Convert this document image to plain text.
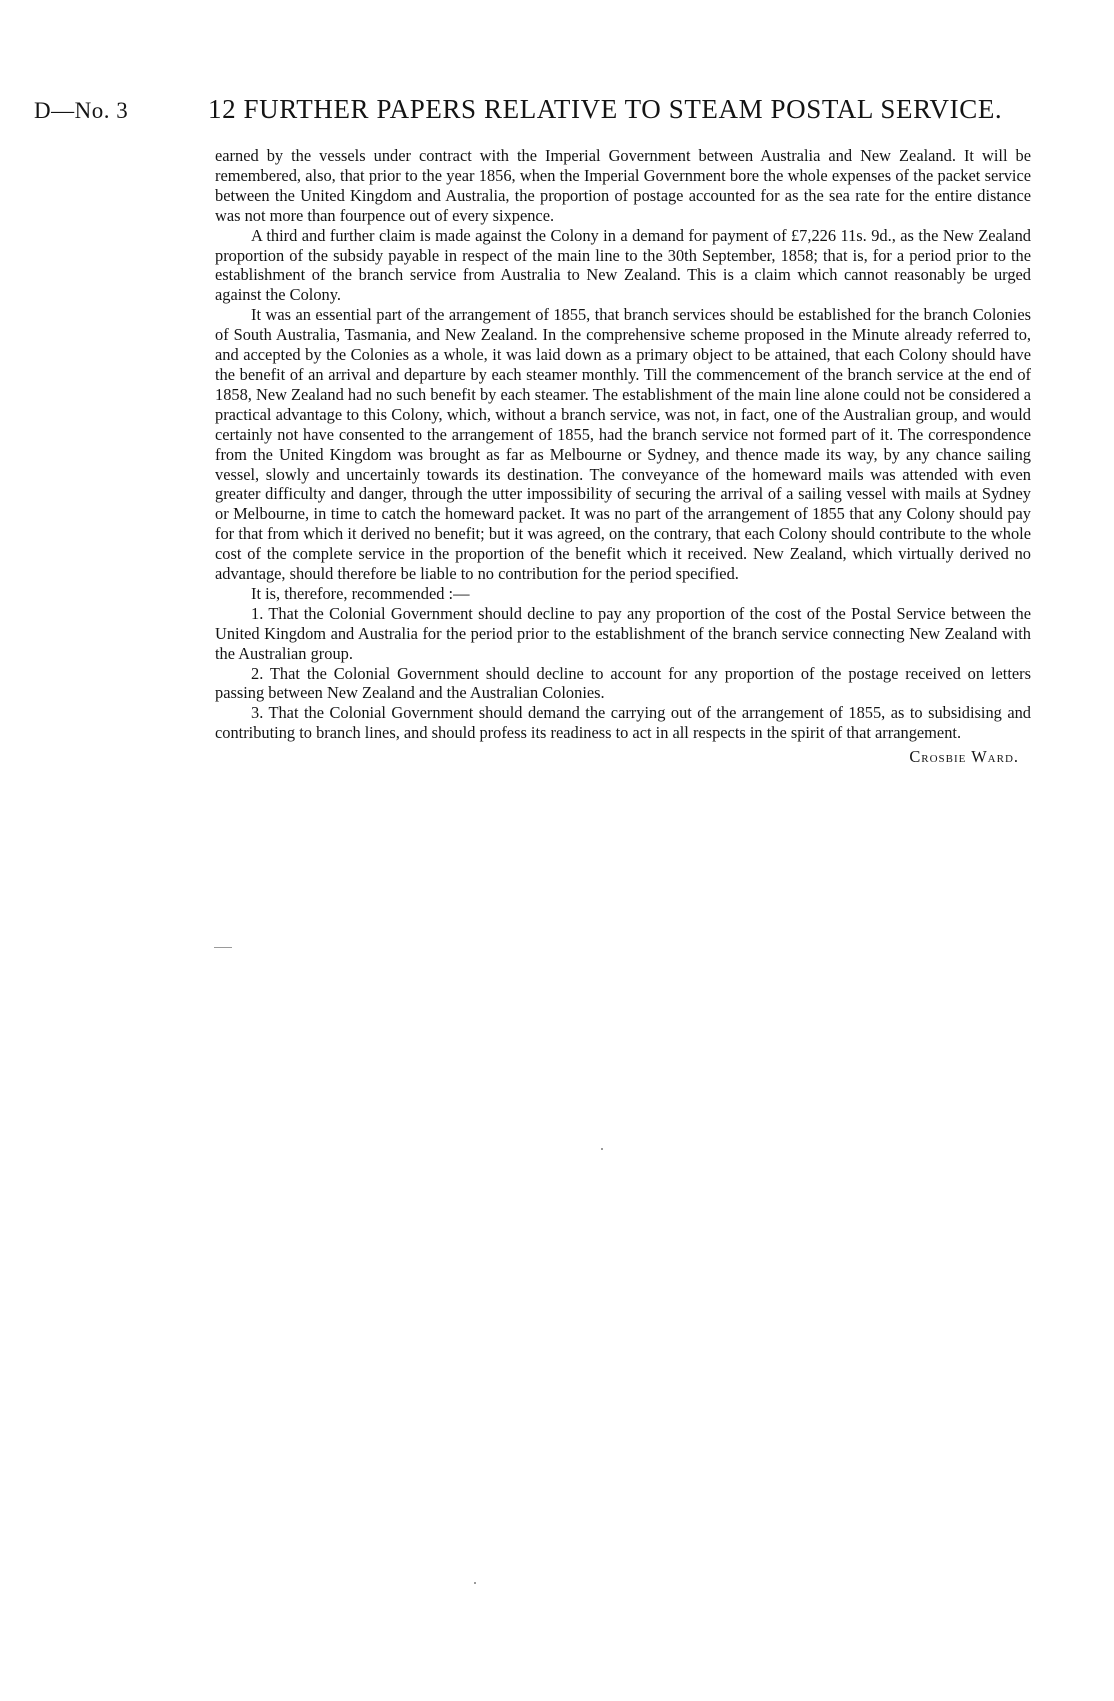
D—No. 3	12 FURTHER PAPERS RELATIVE TO STEAM POSTAL SERVICE.

earned by the vessels under contract with the Imperial Government between Australia and New Zealand. It will be remembered, also, that prior to the year 1856, when the Imperial Government bore the whole expenses of the packet service between the United Kingdom and Australia, the proportion of postage accounted for as the sea rate for the entire distance was not more than fourpence out of every sixpence.

A third and further claim is made against the Colony in a demand for payment of £7,226 11s. 9d., as the New Zealand proportion of the subsidy payable in respect of the main line to the 30th September, 1858; that is, for a period prior to the establishment of the branch service from Australia to New Zealand. This is a claim which cannot reasonably be urged against the Colony.

It was an essential part of the arrangement of 1855, that branch services should be established for the branch Colonies of South Australia, Tasmania, and New Zealand. In the comprehensive scheme proposed in the Minute already referred to, and accepted by the Colonies as a whole, it was laid down as a primary object to be attained, that each Colony should have the benefit of an arrival and departure by each steamer monthly. Till the commencement of the branch service at the end of 1858, New Zealand had no such benefit by each steamer. The establishment of the main line alone could not be considered a practical advantage to this Colony, which, without a branch service, was not, in fact, one of the Australian group, and would certainly not have consented to the arrangement of 1855, had the branch service not formed part of it. The correspondence from the United Kingdom was brought as far as Melbourne or Sydney, and thence made its way, by any chance sailing vessel, slowly and uncertainly towards its destination. The conveyance of the homeward mails was attended with even greater difficulty and danger, through the utter impossibility of securing the arrival of a sailing vessel with mails at Sydney or Melbourne, in time to catch the homeward packet. It was no part of the arrangement of 1855 that any Colony should pay for that from which it derived no benefit; but it was agreed, on the contrary, that each Colony should contribute to the whole cost of the complete service in the proportion of the benefit which it received. New Zealand, which virtually derived no advantage, should therefore be liable to no contribution for the period specified.

It is, therefore, recommended :—

1. That the Colonial Government should decline to pay any proportion of the cost of the Postal Service between the United Kingdom and Australia for the period prior to the establishment of the branch service connecting New Zealand with the Australian group.

2. That the Colonial Government should decline to account for any proportion of the postage received on letters passing between New Zealand and the Australian Colonies.

3. That the Colonial Government should demand the carrying out of the arrangement of 1855, as to subsidising and contributing to branch lines, and should profess its readiness to act in all respects in the spirit of that arrangement.

Crosbie Ward.
